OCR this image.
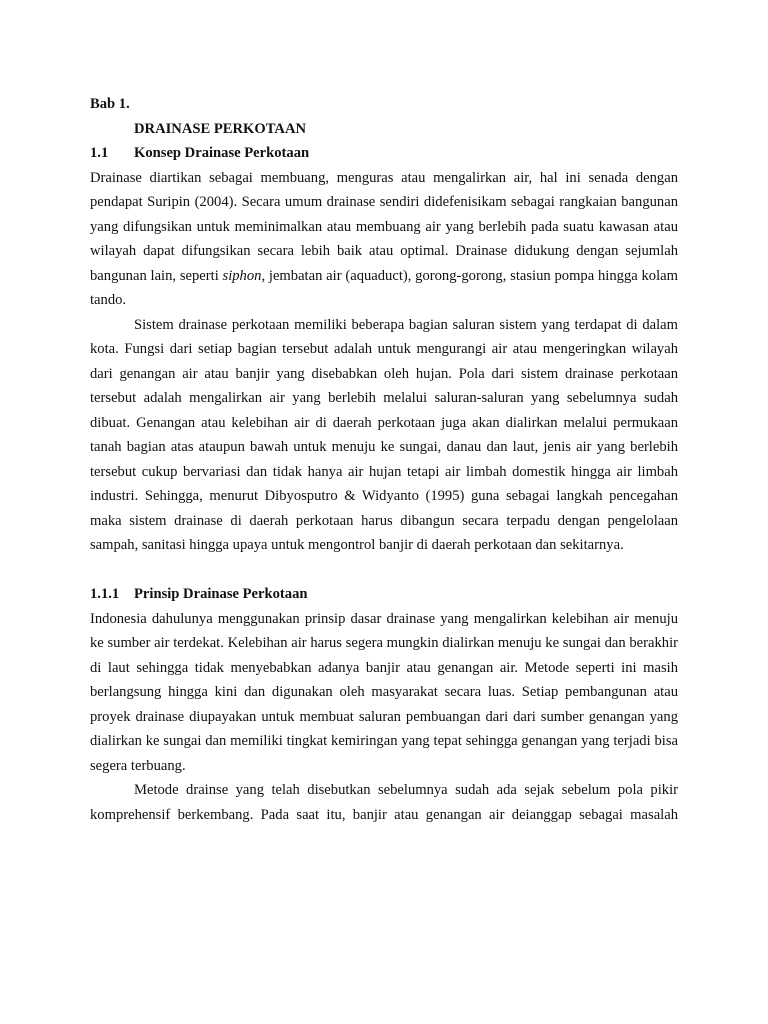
Bab 1.
DRAINASE PERKOTAAN
1.1 Konsep Drainase Perkotaan

Drainase diartikan sebagai membuang, menguras atau mengalirkan air, hal ini senada dengan pendapat Suripin (2004). Secara umum drainase sendiri didefenisikam sebagai rangkaian bangunan yang difungsikan untuk meminimalkan atau membuang air yang berlebih pada suatu kawasan atau wilayah dapat difungsikan secara lebih baik atau optimal. Drainase didukung dengan sejumlah bangunan lain, seperti siphon, jembatan air (aquaduct), gorong-gorong, stasiun pompa hingga kolam tando.

Sistem drainase perkotaan memiliki beberapa bagian saluran sistem yang terdapat di dalam kota. Fungsi dari setiap bagian tersebut adalah untuk mengurangi air atau mengeringkan wilayah dari genangan air atau banjir yang disebabkan oleh hujan. Pola dari sistem drainase perkotaan tersebut adalah mengalirkan air yang berlebih melalui saluran-saluran yang sebelumnya sudah dibuat. Genangan atau kelebihan air di daerah perkotaan juga akan dialirkan melalui permukaan tanah bagian atas ataupun bawah untuk menuju ke sungai, danau dan laut, jenis air yang berlebih tersebut cukup bervariasi dan tidak hanya air hujan tetapi air limbah domestik hingga air limbah industri. Sehingga, menurut Dibyosputro & Widyanto (1995) guna sebagai langkah pencegahan maka sistem drainase di daerah perkotaan harus dibangun secara terpadu dengan pengelolaan sampah, sanitasi hingga upaya untuk mengontrol banjir di daerah perkotaan dan sekitarnya.

1.1.1 Prinsip Drainase Perkotaan

Indonesia dahulunya menggunakan prinsip dasar drainase yang mengalirkan kelebihan air menuju ke sumber air terdekat. Kelebihan air harus segera mungkin dialirkan menuju ke sungai dan berakhir di laut sehingga tidak menyebabkan adanya banjir atau genangan air. Metode seperti ini masih berlangsung hingga kini dan digunakan oleh masyarakat secara luas. Setiap pembangunan atau proyek drainase diupayakan untuk membuat saluran pembuangan dari dari sumber genangan yang dialirkan ke sungai dan memiliki tingkat kemiringan yang tepat sehingga genangan yang terjadi bisa segera terbuang.

Metode drainse yang telah disebutkan sebelumnya sudah ada sejak sebelum pola pikir komprehensif berkembang. Pada saat itu, banjir atau genangan air deianggap sebagai masalah
